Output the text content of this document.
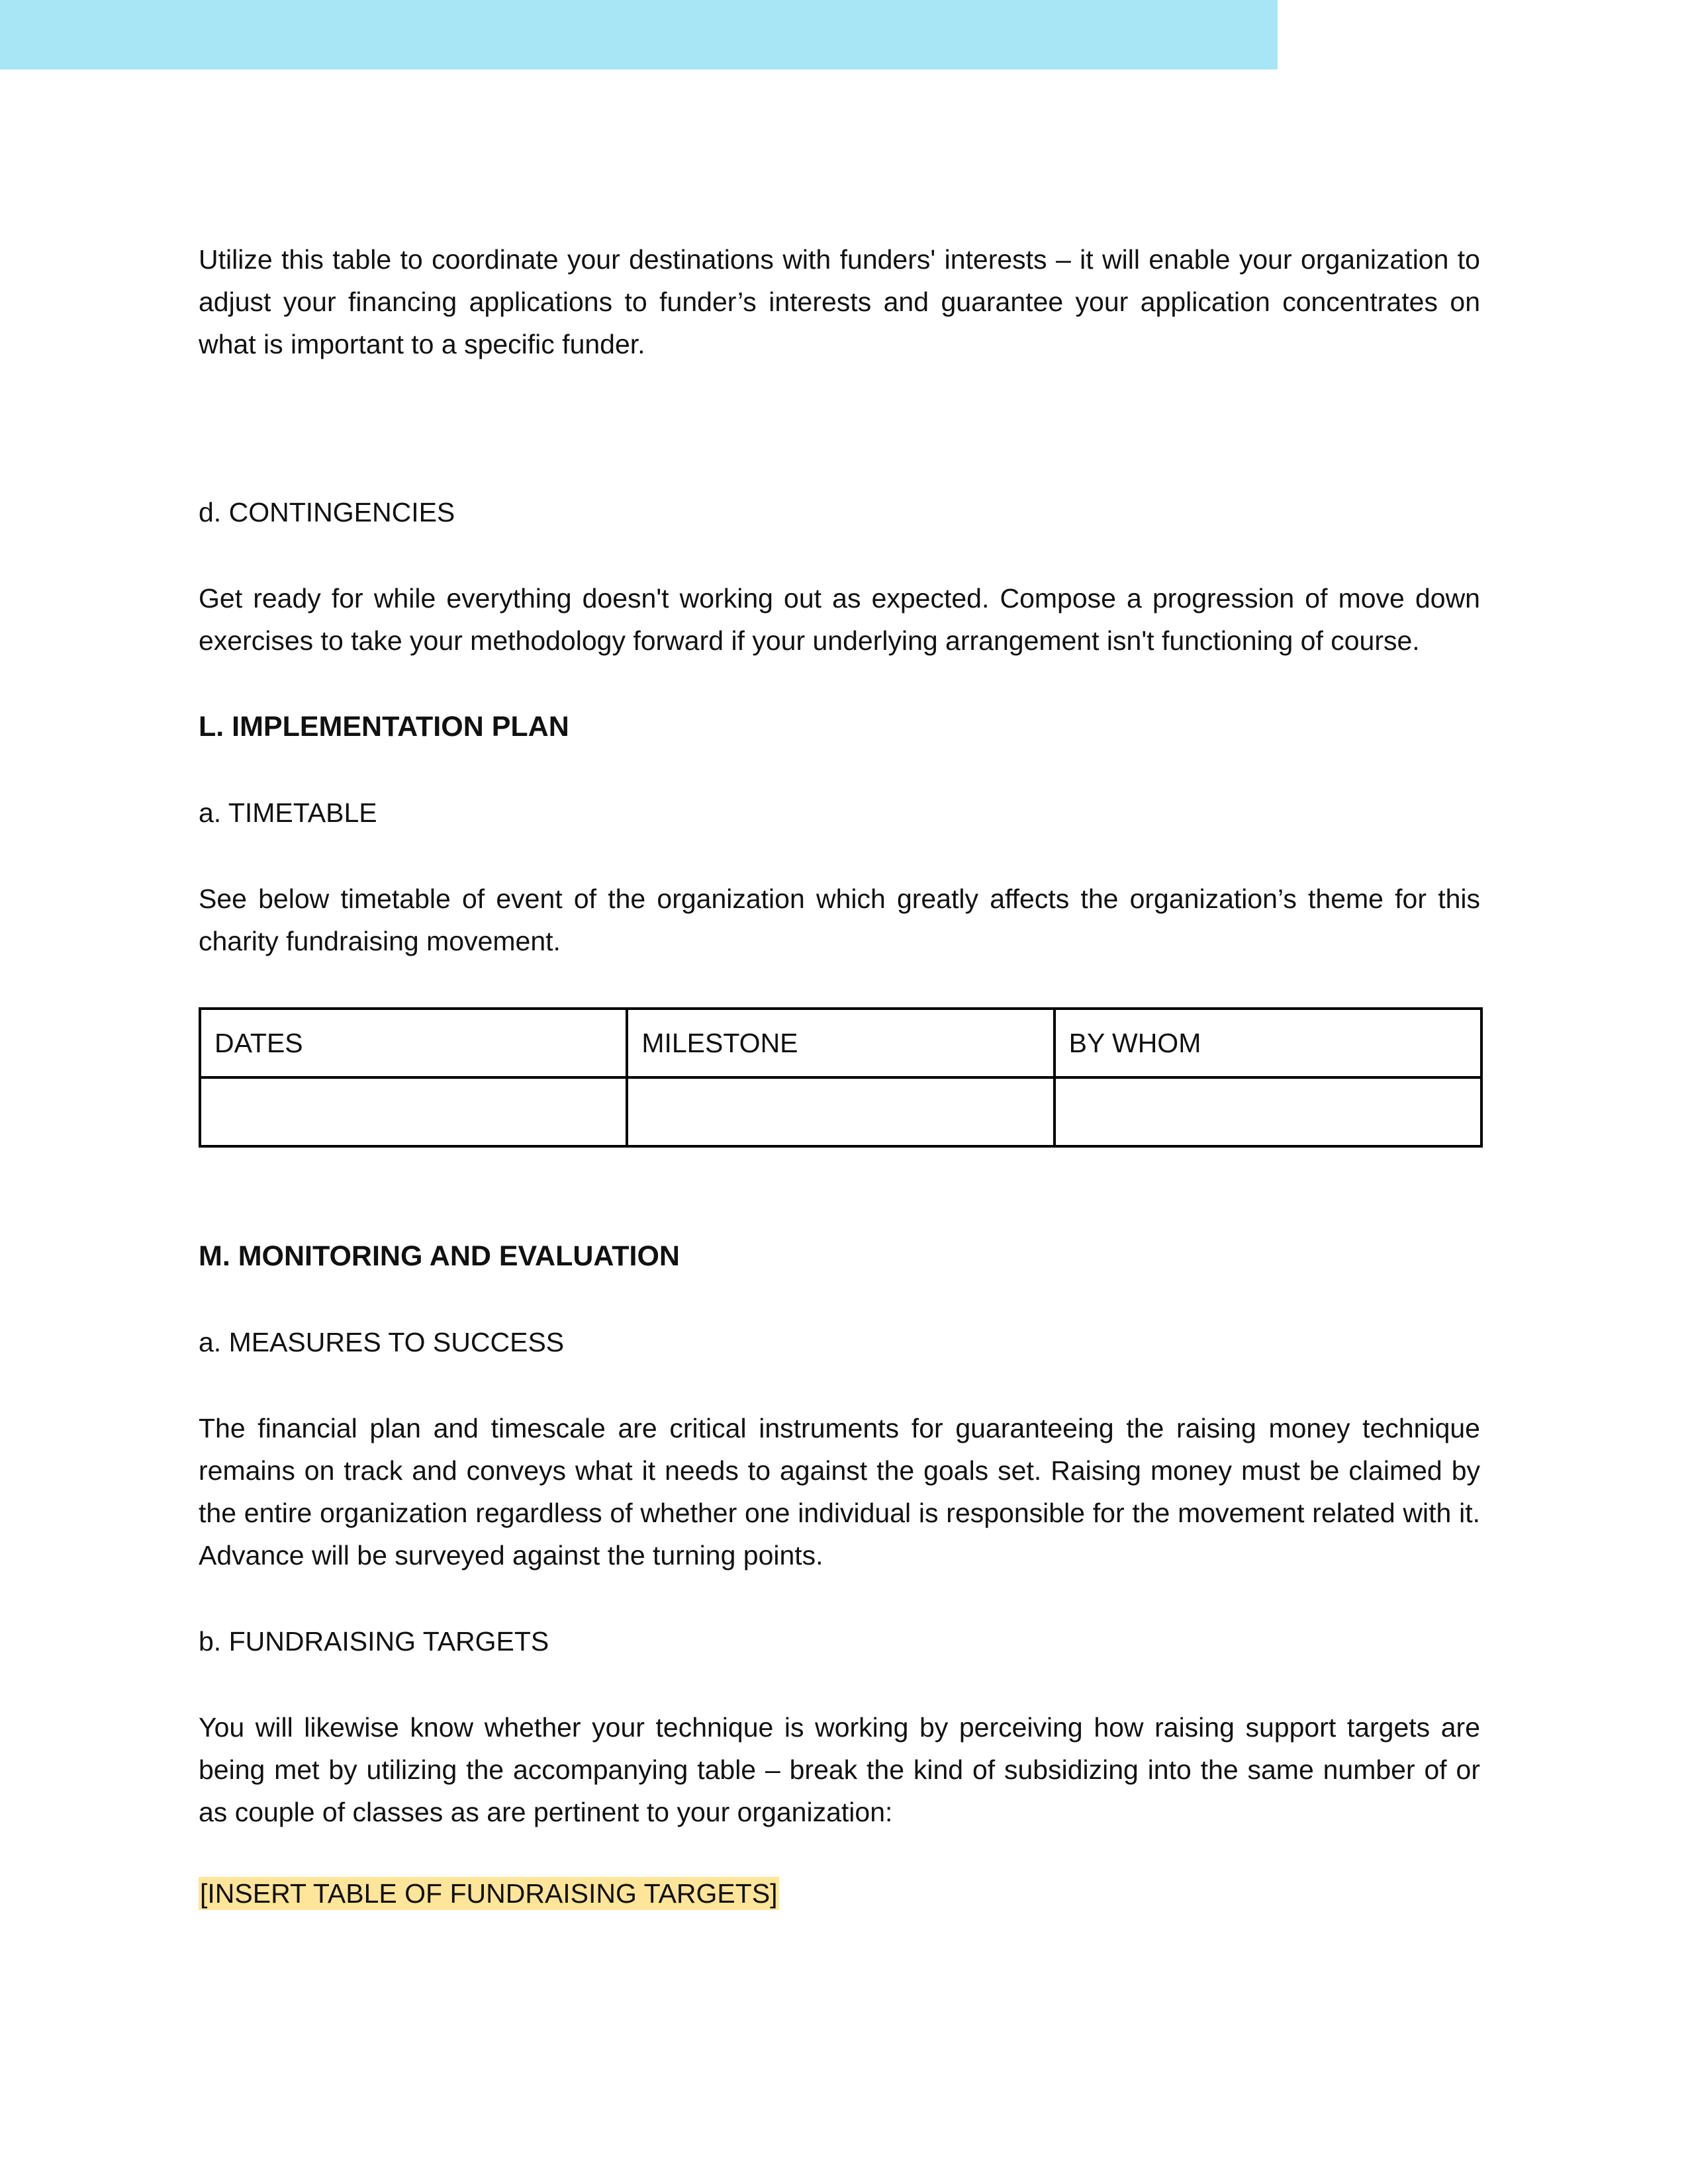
Utilize this table to coordinate your destinations with funders' interests – it will enable your organization to adjust your financing applications to funder’s interests and guarantee your application concentrates on what is important to a specific funder.

d. CONTINGENCIES

Get ready for while everything doesn't working out as expected. Compose a progression of move down exercises to take your methodology forward if your underlying arrangement isn't functioning of course.

L. IMPLEMENTATION PLAN

a. TIMETABLE

See below timetable of event of the organization which greatly affects the organization’s theme for this charity fundraising movement.

DATES	MILESTONE	BY WHOM

M. MONITORING AND EVALUATION

a. MEASURES TO SUCCESS

The financial plan and timescale are critical instruments for guaranteeing the raising money technique remains on track and conveys what it needs to against the goals set. Raising money must be claimed by the entire organization regardless of whether one individual is responsible for the movement related with it. Advance will be surveyed against the turning points.

b. FUNDRAISING TARGETS

You will likewise know whether your technique is working by perceiving how raising support targets are being met by utilizing the accompanying table – break the kind of subsidizing into the same number of or as couple of classes as are pertinent to your organization:

[INSERT TABLE OF FUNDRAISING TARGETS]
